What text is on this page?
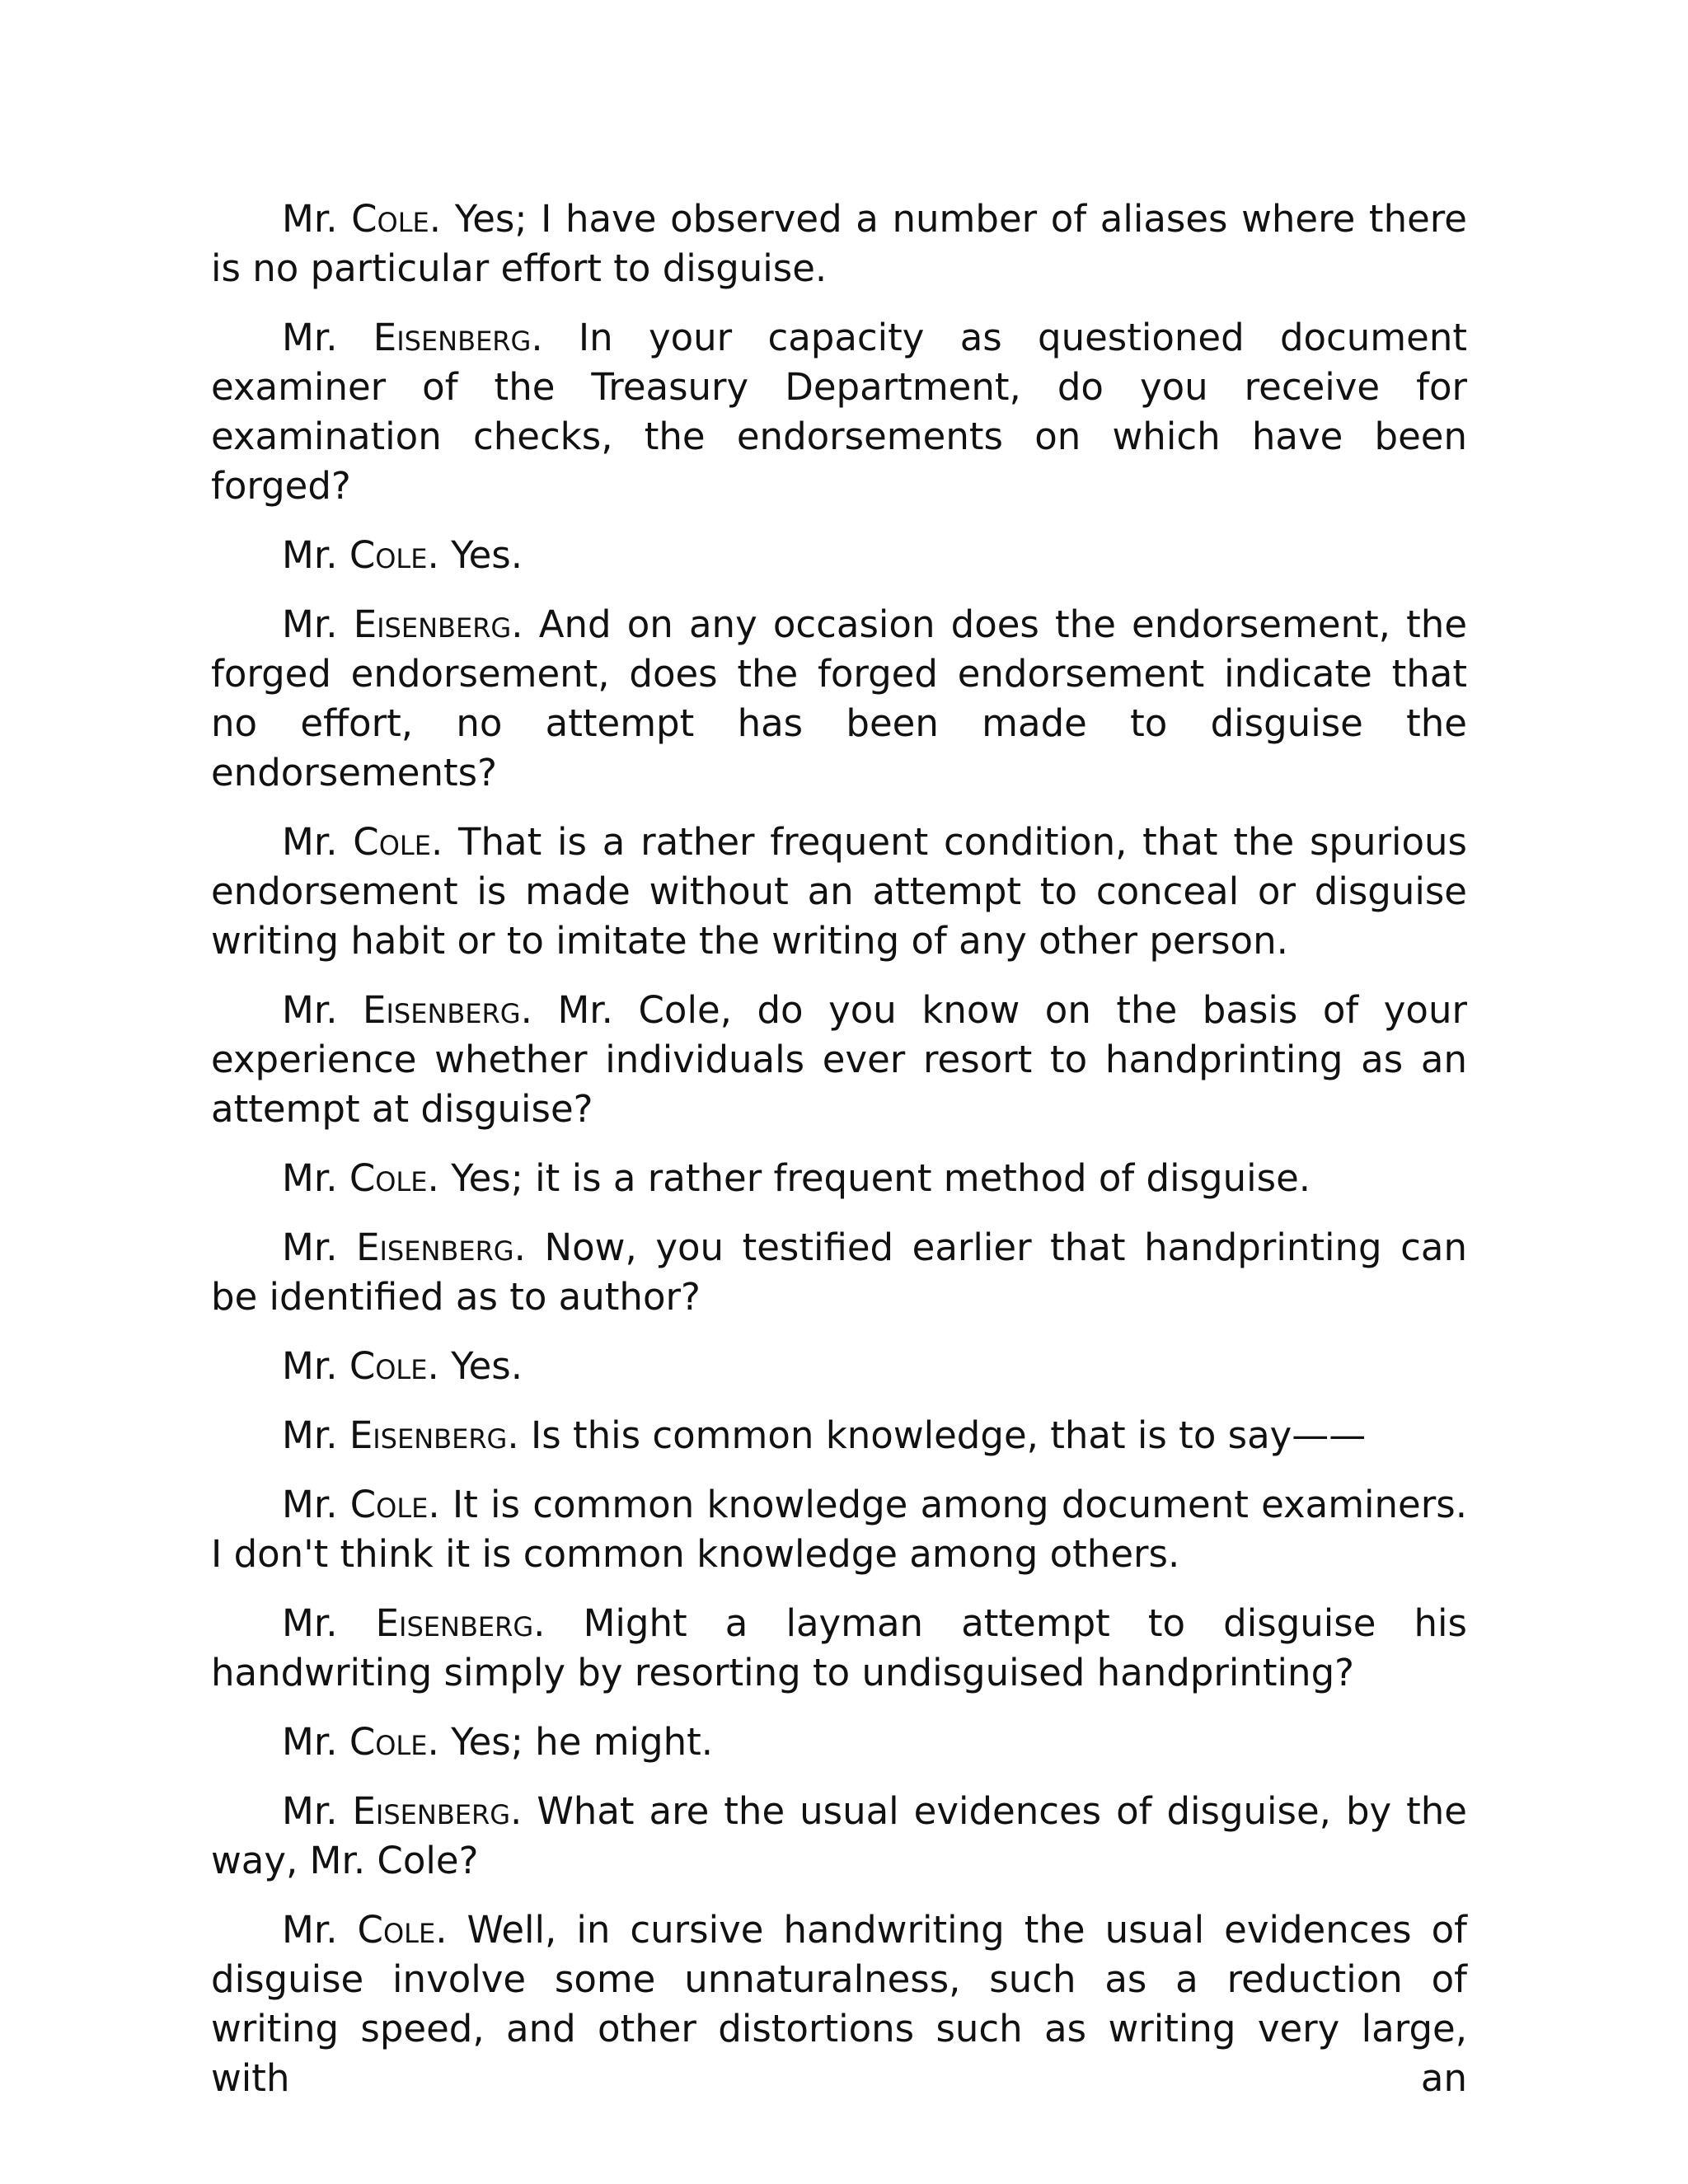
Mr. Cole. Yes; I have observed a number of aliases where there is no particular effort to disguise.

Mr. Eisenberg. In your capacity as questioned document examiner of the Treasury Department, do you receive for examination checks, the endorsements on which have been forged?

Mr. Cole. Yes.

Mr. Eisenberg. And on any occasion does the endorsement, the forged endorsement, does the forged endorsement indicate that no effort, no attempt has been made to disguise the endorsements?

Mr. Cole. That is a rather frequent condition, that the spurious endorsement is made without an attempt to conceal or disguise writing habit or to imitate the writing of any other person.

Mr. Eisenberg. Mr. Cole, do you know on the basis of your experience whether individuals ever resort to handprinting as an attempt at disguise?

Mr. Cole. Yes; it is a rather frequent method of disguise.

Mr. Eisenberg. Now, you testified earlier that handprinting can be identified as to author?

Mr. Cole. Yes.

Mr. Eisenberg. Is this common knowledge, that is to say——

Mr. Cole. It is common knowledge among document examiners. I don't think it is common knowledge among others.

Mr. Eisenberg. Might a layman attempt to disguise his handwriting simply by resorting to undisguised handprinting?

Mr. Cole. Yes; he might.

Mr. Eisenberg. What are the usual evidences of disguise, by the way, Mr. Cole?

Mr. Cole. Well, in cursive handwriting the usual evidences of disguise involve some unnaturalness, such as a reduction of writing speed, and other distortions such as writing very large, with an
